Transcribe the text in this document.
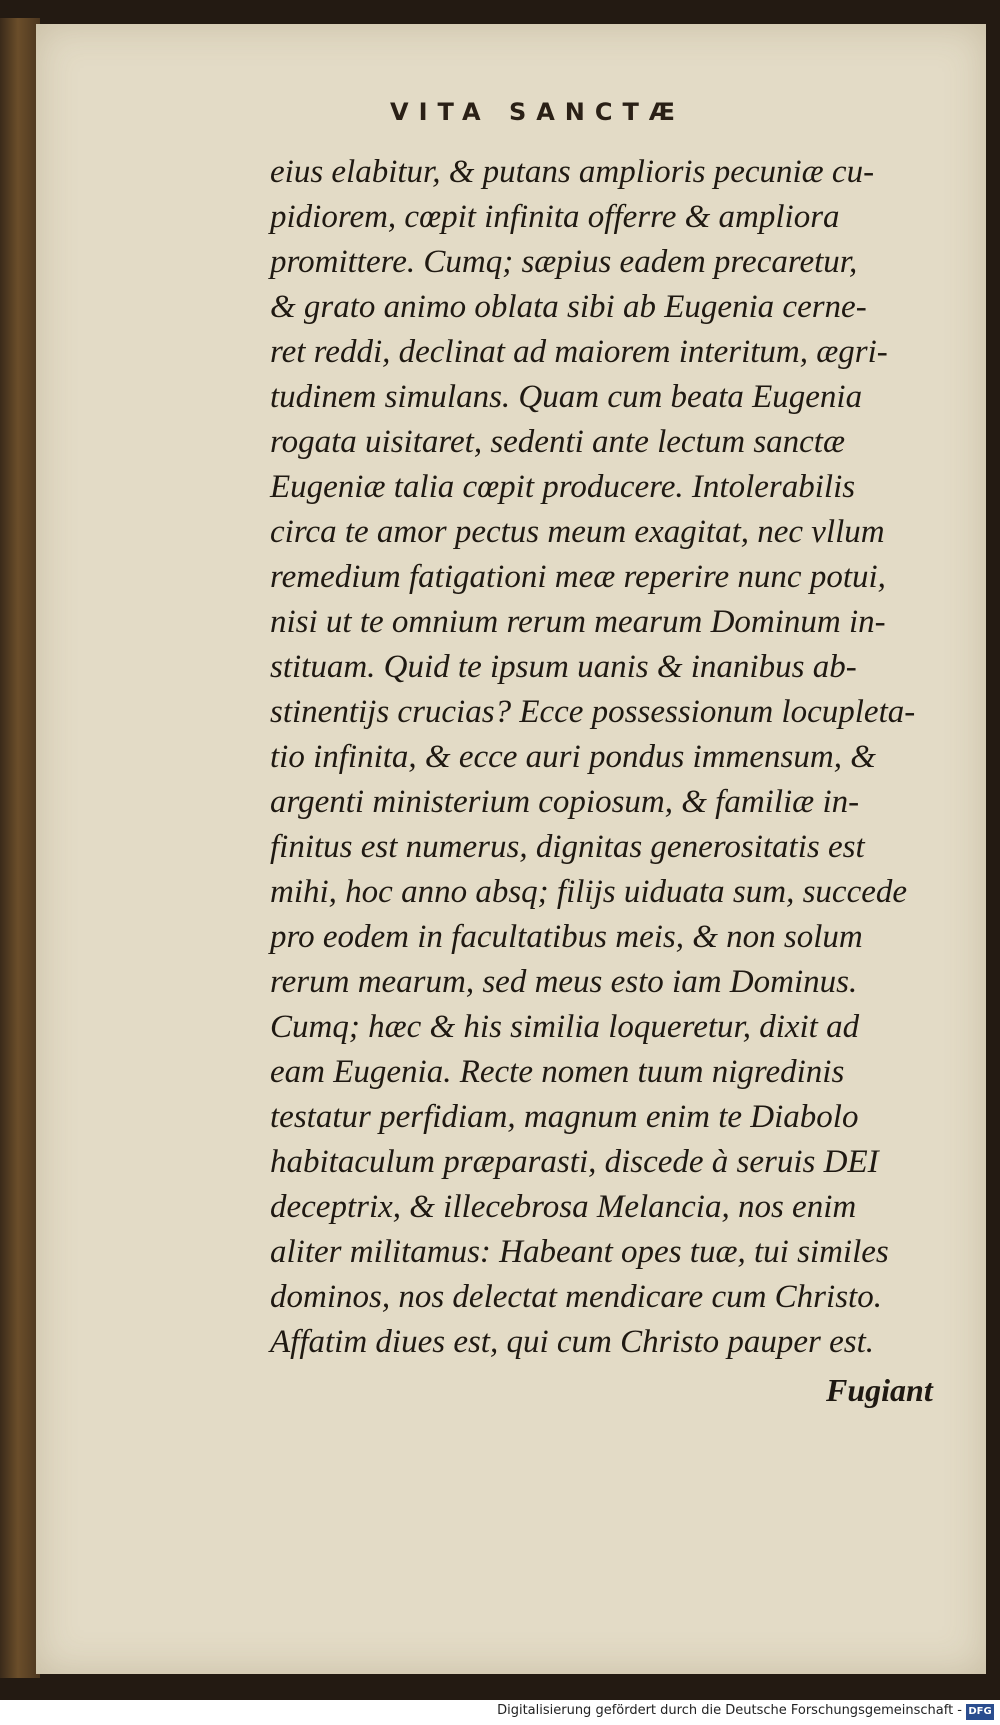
VITA SANCTÆ
eius elabitur, & putans amplioris pecuniæ cu-
pidiorem, cœpit infinita offerre & ampliora
promittere. Cumq; sæpius eadem precaretur,
& grato animo oblata sibi ab Eugenia cerne-
ret reddi, declinat ad maiorem interitum, ægri-
tudinem simulans. Quam cum beata Eugenia
rogata uisitaret, sedenti ante lectum sanctæ
Eugeniæ talia cœpit producere. Intolerabilis
circa te amor pectus meum exagitat, nec vllum
remedium fatigationi meæ reperire nunc potui,
nisi ut te omnium rerum mearum Dominum in-
stituam. Quid te ipsum uanis & inanibus ab-
stinentijs crucias? Ecce possessionum locupleta-
tio infinita, & ecce auri pondus immensum, &
argenti ministerium copiosum, & familiæ in-
finitus est numerus, dignitas generositatis est
mihi, hoc anno absq; filijs uiduata sum, succede
pro eodem in facultatibus meis, & non solum
rerum mearum, sed meus esto iam Dominus.
Cumq; hæc & his similia loqueretur, dixit ad
eam Eugenia. Recte nomen tuum nigredinis
testatur perfidiam, magnum enim te Diabolo
habitaculum præparasti, discede à seruis DEI
deceptrix, & illecebrosa Melancia, nos enim
aliter militamus: Habeant opes tuæ, tui similes
dominos, nos delectat mendicare cum Christo.
Affatim diues est, qui cum Christo pauper est.
Fugiant
Digitalisierung gefördert durch die Deutsche Forschungsgemeinschaft - DFG
